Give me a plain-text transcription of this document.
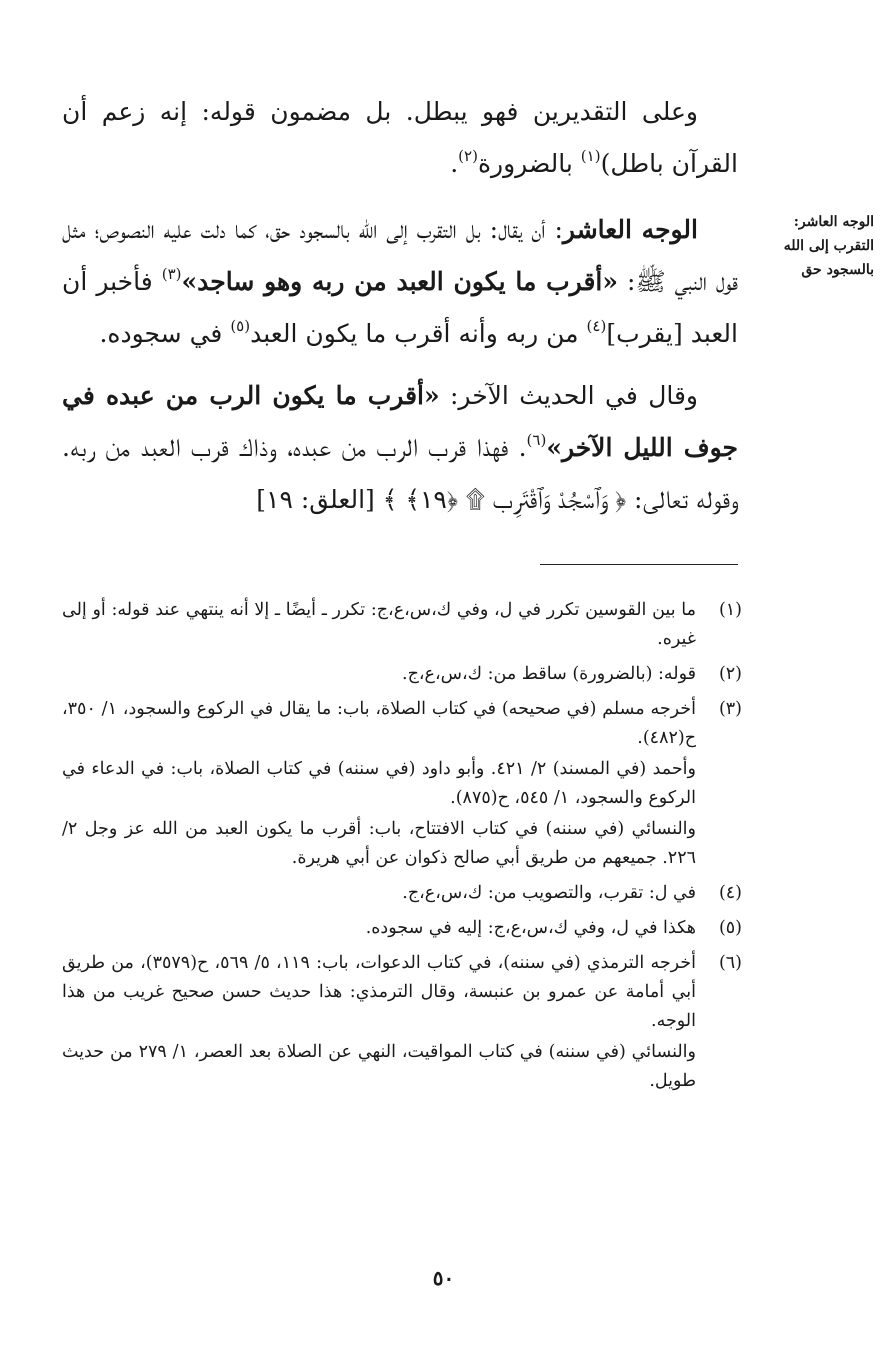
وعلى التقديرين فهو يبطل. بل مضمون قوله: إنه زعم أن القرآن باطل)$^{(١)}$ بالضرورة$^{(٢)}$.

الوجه العاشر: أن يقال: بل التقرب إلى الله بالسجود حق، كما دلت عليه النصوص؛ مثل قول النبي ﷺ: «أقرب ما يكون العبد من ربه وهو ساجد»$^{(٣)}$ فأخبر أن العبد [يقرب]$^{(٤)}$ من ربه وأنه أقرب ما يكون العبد$^{(٥)}$ في سجوده.

وقال في الحديث الآخر: «أقرب ما يكون الرب من عبده في جوف الليل الآخر»$^{(٦)}$. فهذا قرب الرب من عبده، وذاك قرب العبد من ربه. وقوله تعالى: ﴿ وَٱسْجُدْ وَٱقْتَرِب ۩ ﴿١٩﴾ ﴾ [العلق: ١٩]

الوجه العاشر:
التقرب إلى الله
بالسجود حق
(١)
ما بين القوسين تكرر في ل، وفي ك،س،ع،ج: تكرر ـ أيضًا ـ إلا أنه ينتهي عند قوله: أو إلى غيره.
(٢)
قوله: (بالضرورة) ساقط من: ك،س،ع،ج.
(٣)
أخرجه مسلم (في صحيحه) في كتاب الصلاة، باب: ما يقال في الركوع والسجود، ١/ ٣٥٠، ح(٤٨٢).
وأحمد (في المسند) ٢/ ٤٢١. وأبو داود (في سننه) في كتاب الصلاة، باب: في الدعاء في الركوع والسجود، ١/ ٥٤٥، ح(٨٧٥).
والنسائي (في سننه) في كتاب الافتتاح، باب: أقرب ما يكون العبد من الله عز وجل ٢/ ٢٢٦. جميعهم من طريق أبي صالح ذكوان عن أبي هريرة.
(٤)
في ل: تقرب، والتصويب من: ك،س،ع،ج.
(٥)
هكذا في ل، وفي ك،س،ع،ج: إليه في سجوده.
(٦)
أخرجه الترمذي (في سننه)، في كتاب الدعوات، باب: ١١٩، ٥/ ٥٦٩، ح(٣٥٧٩)، من طريق أبي أمامة عن عمرو بن عنبسة، وقال الترمذي: هذا حديث حسن صحيح غريب من هذا الوجه.
والنسائي (في سننه) في كتاب المواقيت، النهي عن الصلاة بعد العصر، ١/ ٢٧٩ من حديث طويل.
٥٠
